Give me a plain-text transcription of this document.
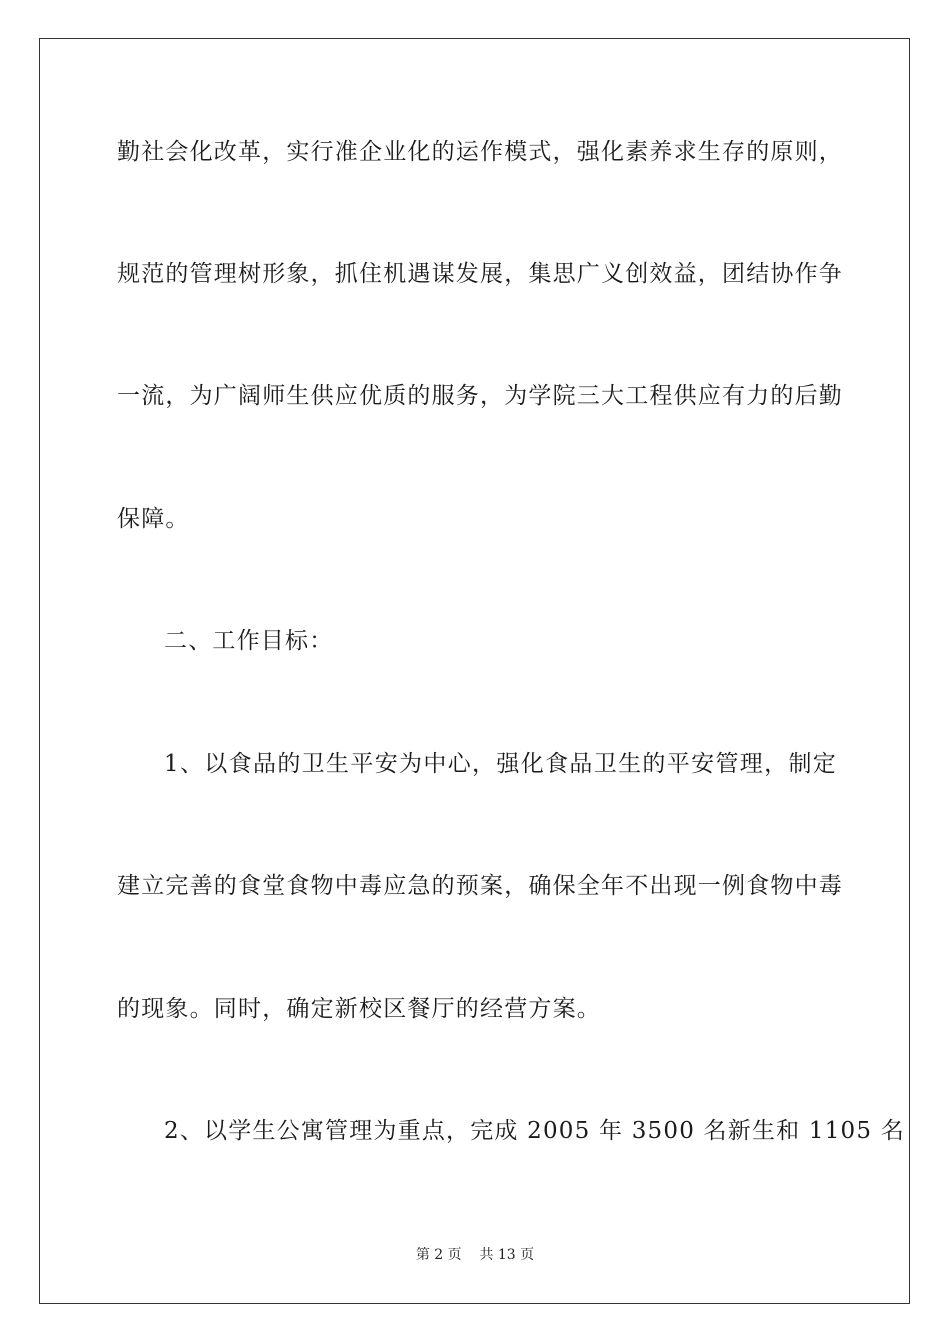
勤社会化改革，实行准企业化的运作模式，强化素养求生存的原则，
规范的管理树形象，抓住机遇谋发展，集思广义创效益，团结协作争
一流，为广阔师生供应优质的服务，为学院三大工程供应有力的后勤
保障。
二、工作目标：
1、以食品的卫生平安为中心，强化食品卫生的平安管理，制定
建立完善的食堂食物中毒应急的预案，确保全年不出现一例食物中毒
的现象。同时，确定新校区餐厅的经营方案。
2、以学生公寓管理为重点，完成 2005 年 3500 名新生和 1105 名
第 2 页 共 13 页
